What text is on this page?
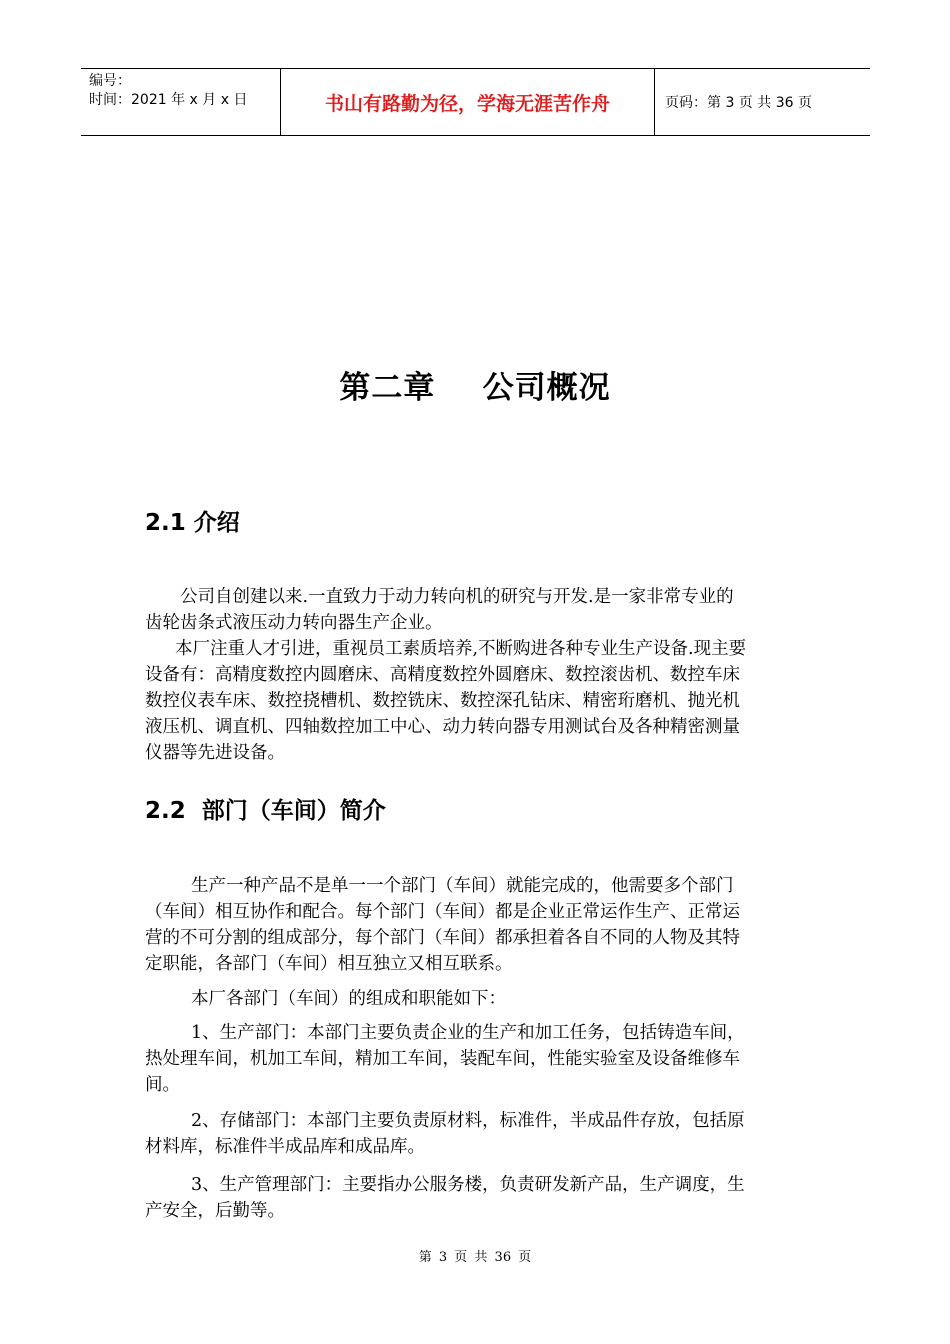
编号：
时间：2021 年 x 月 x 日	书山有路勤为径，学海无涯苦作舟	页码：第 3 页 共 36 页
第二章    公司概况
2.1 介绍
公司自创建以来.一直致力于动力转向机的研究与开发.是一家非常专业的
齿轮齿条式液压动力转向器生产企业。
本厂注重人才引进，重视员工素质培养,不断购进各种专业生产设备.现主要
设备有：高精度数控内圆磨床、高精度数控外圆磨床、数控滚齿机、数控车床
数控仪表车床、数控挠槽机、数控铣床、数控深孔钻床、精密珩磨机、抛光机
液压机、调直机、四轴数控加工中心、动力转向器专用测试台及各种精密测量
仪器等先进设备。
2.2  部门（车间）简介
生产一种产品不是单一一个部门（车间）就能完成的，他需要多个部门
（车间）相互协作和配合。每个部门（车间）都是企业正常运作生产、正常运
营的不可分割的组成部分，每个部门（车间）都承担着各自不同的人物及其特
定职能，各部门（车间）相互独立又相互联系。
本厂各部门（车间）的组成和职能如下：
1、生产部门：本部门主要负责企业的生产和加工任务，包括铸造车间，
热处理车间，机加工车间，精加工车间，装配车间，性能实验室及设备维修车
间。
2、存储部门：本部门主要负责原材料，标准件，半成品件存放，包括原
材料库，标准件半成品库和成品库。
3、生产管理部门：主要指办公服务楼，负责研发新产品，生产调度，生
产安全，后勤等。
第 3 页 共 36 页
